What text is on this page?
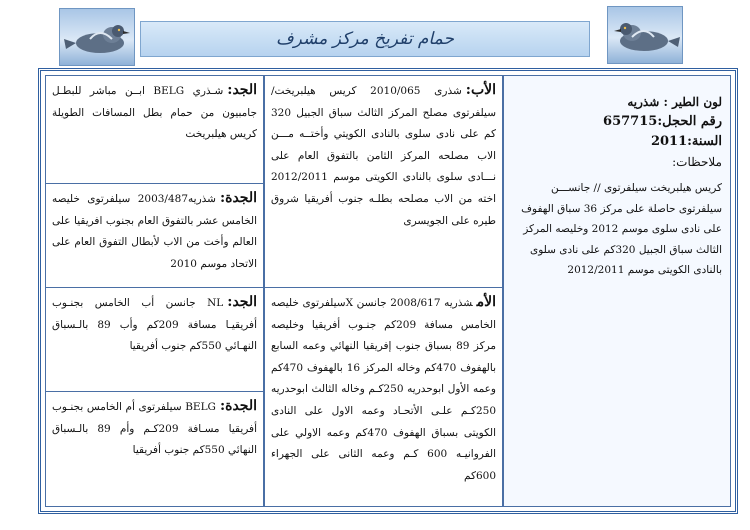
حمام تفريخ مركز مشرف
لون الطير : شذريه
رقم الحجل:657715
السنة:2011
ملاحظات:
كريس هيلبريخت سيلفرتوى // جانســـن سيلفرتوى حاصلة على مركز 36 سباق الهفوف على نادى سلوى موسم 2012 وخليصه المركز الثالث سباق الجبيل 320كم على نادى سلوى بالنادى الكويتى موسم 2012/2011
الأب:شذرى 2010/065 كريس هيلبريخت/سيلفرتوى مصلح المركز الثالث سباق الجبيل 320 كم على نادى سلوى بالنادى الكويتي وأختــه مـــن الاب مصلحه المركز الثامن بالتفوق العام على نـــادى سلوى بالنادى الكويتى موسم 2012/2011 اخته من الاب مصلحه بطلـه جنوب أفريقيا شروق طيره على الجويسرى
الأمشذريه 2008/617 جانسن Xسيلفرتوى خليصه الخامس مسافة 209كم جنـوب أفريقيا وخليصه مركز 89 بسباق جنوب إفريقيا النهائي وعمه السابع بالهفوف 470كم وخاله المركز 16 بالهفوف 470كم وعمه الأول ابوحدريه 250كـم وخاله الثالث ابوحدريه 250كـم علـى الأتحـاد وعمه الاول على النادى الكويتى بسباق الهفوف 470كم وعمه الاولي على الفروانيـه 600 كـم وعمه الثانى على الجهراء 600كم
الجد:شـذري BELG ابــن مباشر للبطـل جامبيون من حمام بطل المسافات الطويلة كريس هيلبريخت
الجدة:شذريه2003/487 سيلفرتوى خليصه الخامس عشر بالتفوق العام بجنوب افريقيا على العالم وأخت من الاب لأبطال التفوق العام على الاتحاد موسم 2010
الجد:NL جانسن أب الخامس بجنـوب أفريقيـا مسافة 209كم وأب 89 بالـسباق النهـائي 550كم جنوب أفريقيا
الجدة:BELG سيلفرتوى أم الخامس بجنـوب أفريقيا مسـافة 209كـم وأم 89 بالـسباق النهائي 550كم جنوب أفريقيا
